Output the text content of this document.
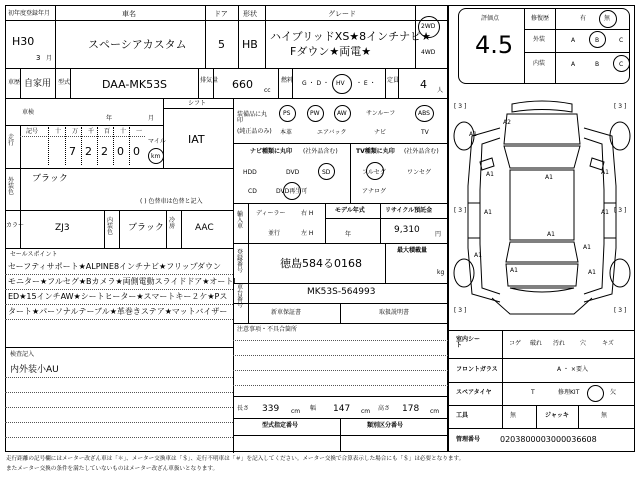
初年度登録年月	車名	ドア 形状	グレード
H30
3 月
スペーシアカスタム	5 HB
ハイブリッドXS★8インチナビ★
Fダウン★両電★
2WD
4WD
車歴 自家用 型式	DAA-MK53S	排気量 660 cc
燃料 G ・ D ・ HV ・ E ・ 定員 4 人
車検
年	月
シフト
IAT
走行
記号	十 万 千 百 十 一
7 2 2 0 0
マイル
km
装備品に丸印
(純正品のみ)
PS	PW	AW	サンルーフ	ABS
本革	エアバック	ナビ	TV
ナビ種類に丸印 (社外品含む)
HDD	DVD	SD
CD	DVD再生可
TV種類に丸印 (社外品含む)
フルセグ	ワンセグ
アナログ
外装色
ブラック
( ) 色替車は色替と記入
輸入車
ディーラー
並行
右 H
左 H
モデル年式
年
リサイクル預託金
9,310	円
カラー	ZJ3
内装色 ブラック
冷房 AAC
セールスポイント
セーフティサポート★ALPINE8インチナビ★フリップダウン
モニター★フルセグ★Bカメラ★両側電動スライドドア★オートL
ED★15インチAW★シートヒーター★スマートキー２ケ★Pス
タート★パーソナルテーブル★革巻きステア★マットバイザー
検査記入
内外装小AU
登録番号
徳島584る0168
最大積載量
kg
車台番号
MK53S-564993
新車保証書	取扱説明書
注意事項・不具合箇所
長さ 339 cm 幅 147 cm 高さ 178 cm
型式指定番号	類別区分番号
評価点
4.5
修復歴	有	無
外装	A	B	C
内装	A	B	C
[ 3 ]	[ 3 ]
[ 3 ]	[ 3 ]
[ 3 ]	[ 3 ]
A2
A1
A1
A1
A1
A1
A1
A1
A1
A1
A1	A1
室内シート	コゲ 破れ 汚れ 穴	キズ
フロントガラス	A ・ ×要入
スペアタイヤ	T	修理KIT	欠
工具	無	ジャッキ	無
管理番号 0203800003000036608
走行距離の記号欄にはメーター改ざん車は「＊」、メーター交換車は「＄」、走行不明車は「＃」を記入してください。メーター交換で合算表示した場合にも「＄」は必要となります。
またメーター交換の条件を満たしていないものはメーター改ざん車扱いとなります。
